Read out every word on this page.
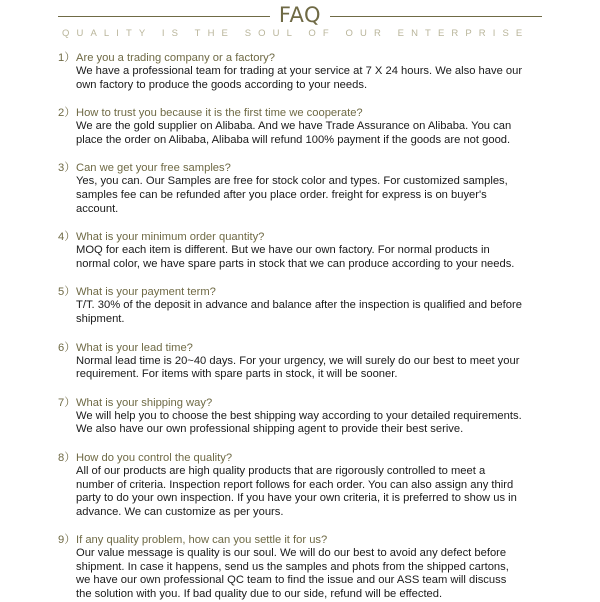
FAQ
QUALITY IS THE SOUL OF OUR ENTERPRISE
1） Are you a trading company or a factory?
We have a professional team for trading at your service at 7 X 24 hours. We also have our
own factory to produce the goods according to your needs.
2） How to trust you because it is the first time we cooperate?
We are the gold supplier on Alibaba. And we have Trade Assurance on Alibaba. You can
place the order on Alibaba, Alibaba will refund 100% payment if the goods are not good.
3） Can we get your free samples?
Yes, you can. Our Samples are free for stock color and types. For customized samples,
samples fee can be refunded after you place order. freight for express is on buyer's
account.
4） What is your minimum order quantity?
MOQ for each item is different. But we have our own factory. For normal products in
normal color, we have spare parts in stock that we can produce according to your needs.
5） What is your payment term?
T/T. 30% of the deposit in advance and balance after the inspection is qualified and before
shipment.
6） What is your lead time?
Normal lead time is 20~40 days. For your urgency, we will surely do our best to meet your
requirement. For items with spare parts in stock, it will be sooner.
7） What is your shipping way?
We will help you to choose the best shipping way according to your detailed requirements.
We also have our own professional shipping agent to provide their best serive.
8） How do you control the quality?
All of our products are high quality products that are rigorously controlled to meet a
number of criteria. Inspection report follows for each order. You can also assign any third
party to do your own inspection. If you have your own criteria, it is preferred to show us in
advance. We can customize as per yours.
9） If any quality problem, how can you settle it for us?
Our value message is quality is our soul. We will do our best to avoid any defect before
shipment. In case it happens, send us the samples and phots from the shipped cartons,
we have our own professional QC team to find the issue and our ASS team will discuss
the solution with you. If bad quality due to our side, refund will be effected.
